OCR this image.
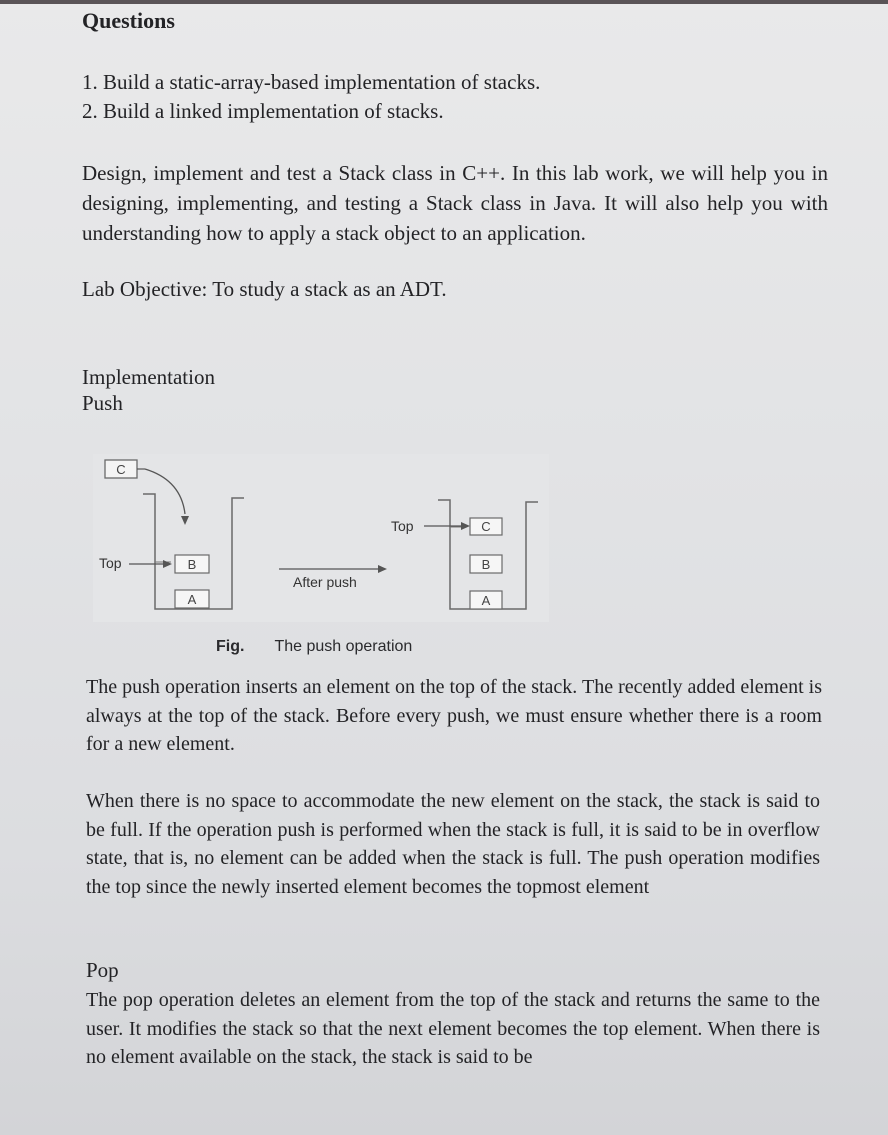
Questions
1. Build a static-array-based implementation of stacks.
2. Build a linked implementation of stacks.
Design, implement and test a Stack class in C++. In this lab work, we will help you in designing, implementing, and testing a Stack class in Java. It will also help you with understanding how to apply a stack object to an application.
Lab Objective: To study a stack as an ADT.
Implementation
Push
C
Top	B
A
After push
Top	C
B
A
Fig. The push operation
The push operation inserts an element on the top of the stack. The recently added element is always at the top of the stack. Before every push, we must ensure whether there is a room for a new element.
When there is no space to accommodate the new element on the stack, the stack is said to be full. If the operation push is performed when the stack is full, it is said to be in overflow state, that is, no element can be added when the stack is full. The push operation modifies the top since the newly inserted element becomes the topmost element
Pop
The pop operation deletes an element from the top of the stack and returns the same to the user. It modifies the stack so that the next element becomes the top element. When there is no element available on the stack, the stack is said to be
